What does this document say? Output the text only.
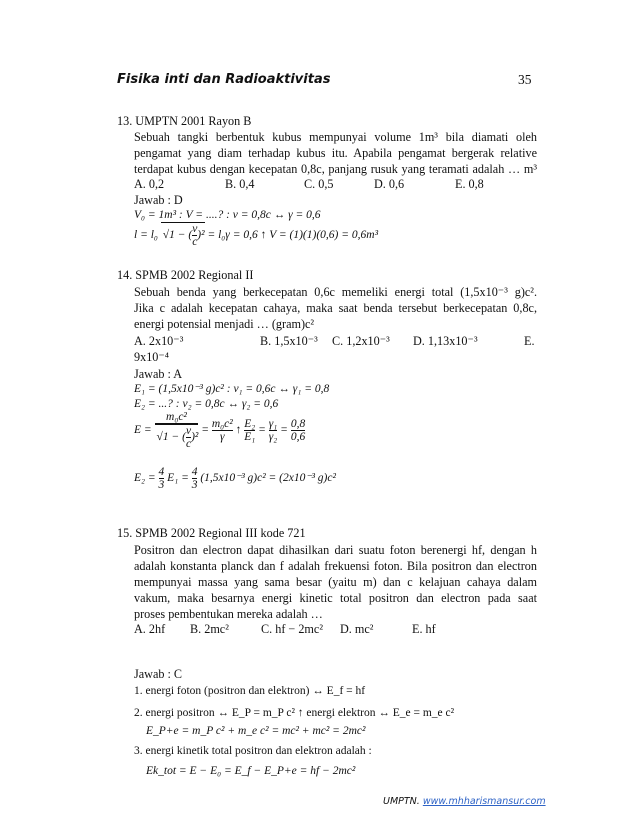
Fisika inti dan Radioaktivitas	35
13. UMPTN 2001 Rayon B
Sebuah tangki berbentuk kubus mempunyai volume 1m³ bila diamati oleh
pengamat yang diam terhadap kubus itu. Apabila pengamat bergerak relative
terdapat kubus dengan kecepatan 0,8c, panjang rusuk yang teramati adalah … m³
A. 0,2	B. 0,4	C. 0,5	D. 0,6	E. 0,8
Jawab : D
V₀ = 1m³ : V = ....? : v = 0,8c ↔ γ = 0,6
l = l₀ √1 − ( $\frac{v}{c} )^2 = l_0\gamma = 0,6$ ↑ V = (1)(1)(0,6) = 0,6m³
14. SPMB 2002 Regional II
Sebuah benda yang berkecepatan 0,6c memeliki energi total (1,5x10⁻³ g)c².
Jika c adalah kecepatan cahaya, maka saat benda tersebut berkecepatan 0,8c,
energi potensial menjadi … (gram)c²
A. 2x10⁻³	B. 1,5x10⁻³ C. 1,2x10⁻³ D. 1,13x10⁻³	E.
9x10⁻⁴
Jawab : A
E₁ = (1,5x10⁻³ g)c² : v₁ = 0,6c ↔ γ₁ = 0,8
E₂ = ...? : v₂ = 0,8c ↔ γ₂ = 0,6
$E = \frac{\text{m₀c²}}{√1 - ( \frac{v}{c} )^2} = \frac{\text{m₀c²}}{\gamma}$ ↑ $\frac{\text{E₂}}{\text{E₁}} = \frac{\text{γ₁}}{\text{γ₂}} = \frac{0,8}{0,6}$
$E_2 = \frac{4}{3} E_1 = \frac{4}{3} (1,5x10^{-3}$ g)c² = (2x10⁻³ g)c²
15. SPMB 2002 Regional III kode 721
Positron dan electron dapat dihasilkan dari suatu foton berenergi hf, dengan h
adalah konstanta planck dan f adalah frekuensi foton. Bila positron dan electron
mempunyai massa yang sama besar (yaitu m) dan c kelajuan cahaya dalam
vakum, maka besarnya energi kinetic total positron dan electron pada saat
proses pembentukan mereka adalah …
A. 2hf B. 2mc²	C. hf − 2mc² D. mc²	E. hf
Jawab : C
1. energi foton (positron dan elektron) ↔ E_f = hf
2. energi positron ↔ E_P = m_P c² ↑ energi elektron ↔ E_e = m_e c²
E_P+e = m_P c² + m_e c² = mc² + mc² = 2mc²
3. energi kinetik total positron dan elektron adalah :
Ek_tot = E − E₀ = E_f − E_P+e = hf − 2mc²
UMPTN. www.mhharismansur.com
